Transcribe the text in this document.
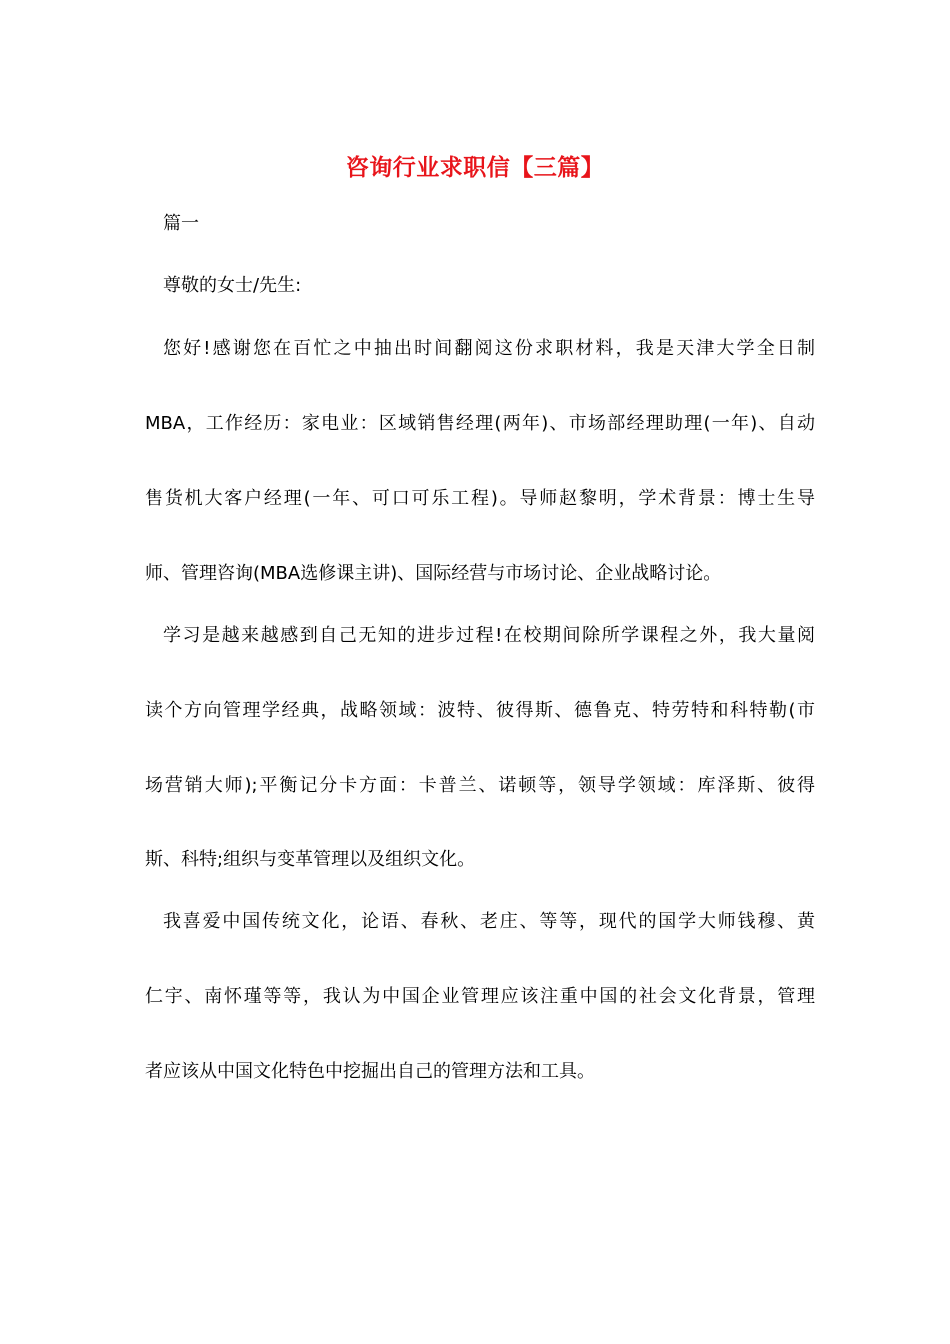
咨询行业求职信【三篇】
篇一
尊敬的女士/先生:
您好!感谢您在百忙之中抽出时间翻阅这份求职材料，我是天津大学全日制
MBA，工作经历：家电业：区域销售经理(两年)、市场部经理助理(一年)、自动
售货机大客户经理(一年、可口可乐工程)。导师赵黎明，学术背景：博士生导
师、管理咨询(MBA选修课主讲)、国际经营与市场讨论、企业战略讨论。
学习是越来越感到自己无知的进步过程!在校期间除所学课程之外，我大量阅
读个方向管理学经典，战略领域：波特、彼得斯、德鲁克、特劳特和科特勒(市
场营销大师);平衡记分卡方面：卡普兰、诺顿等，领导学领域：库泽斯、彼得
斯、科特;组织与变革管理以及组织文化。
我喜爱中国传统文化，论语、春秋、老庄、等等，现代的国学大师钱穆、黄
仁宇、南怀瑾等等，我认为中国企业管理应该注重中国的社会文化背景，管理
者应该从中国文化特色中挖掘出自己的管理方法和工具。
